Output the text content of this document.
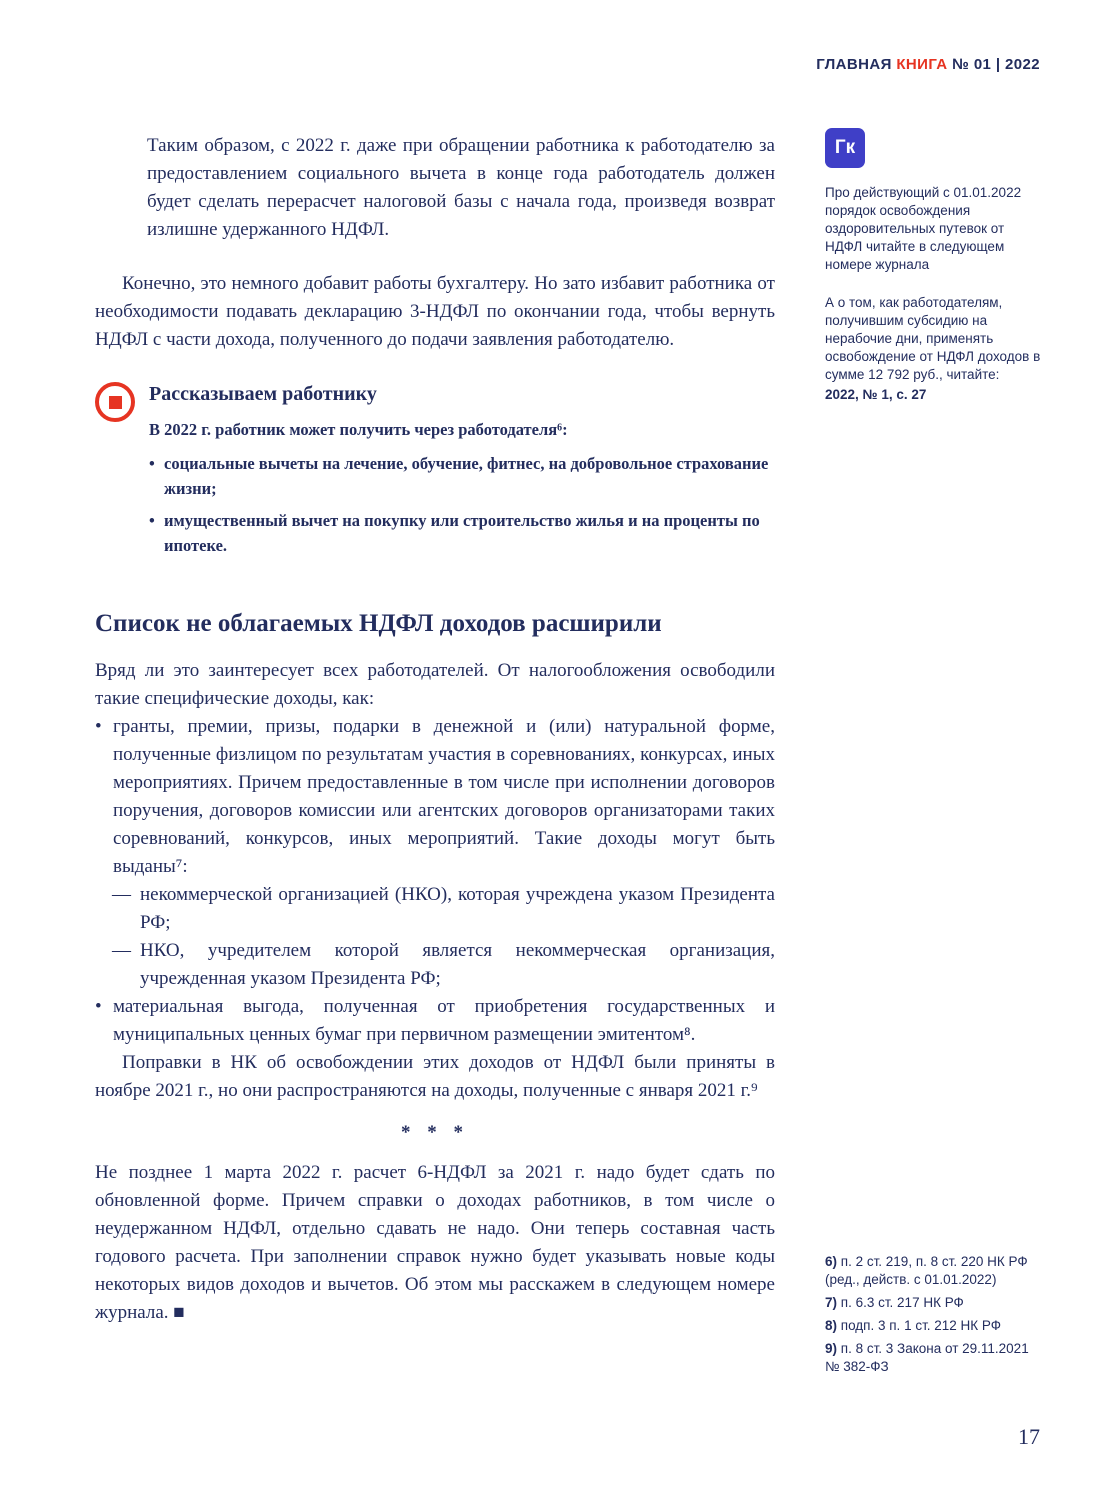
ГЛАВНАЯ КНИГА № 01 | 2022

Таким образом, с 2022 г. даже при обращении работника к работодателю за предоставлением социального вычета в конце года работодатель должен будет сделать перерасчет налоговой базы с начала года, произведя возврат излишне удержанного НДФЛ.

Конечно, это немного добавит работы бухгалтеру. Но зато избавит работника от необходимости подавать декларацию 3-НДФЛ по окончании года, чтобы вернуть НДФЛ с части дохода, полученного до подачи заявления работодателю.

Рассказываем работнику
В 2022 г. работник может получить через работодателя⁶:
• социальные вычеты на лечение, обучение, фитнес, на добровольное страхование жизни;
• имущественный вычет на покупку или строительство жилья и на проценты по ипотеке.
Список не облагаемых НДФЛ доходов расширили

Вряд ли это заинтересует всех работодателей. От налогообложения освободили такие специфические доходы, как:

• гранты, премии, призы, подарки в денежной и (или) натуральной форме, полученные физлицом по результатам участия в соревнованиях, конкурсах, иных мероприятиях. Причем предоставленные в том числе при исполнении договоров поручения, договоров комиссии или агентских договоров организаторами таких соревнований, конкурсов, иных мероприятий. Такие доходы могут быть выданы⁷:
— некоммерческой организацией (НКО), которая учреждена указом Президента РФ;
— НКО, учредителем которой является некоммерческая организация, учрежденная указом Президента РФ;
• материальная выгода, полученная от приобретения государственных и муниципальных ценных бумаг при первичном размещении эмитентом⁸.

Поправки в НК об освобождении этих доходов от НДФЛ были приняты в ноябре 2021 г., но они распространяются на доходы, полученные с января 2021 г.⁹

* * *

Не позднее 1 марта 2022 г. расчет 6-НДФЛ за 2021 г. надо будет сдать по обновленной форме. Причем справки о доходах работников, в том числе о неудержанном НДФЛ, отдельно сдавать не надо. Они теперь составная часть годового расчета. При заполнении справок нужно будет указывать новые коды некоторых видов доходов и вычетов. Об этом мы расскажем в следующем номере журнала. ■

Гк
Про действующий с 01.01.2022 порядок освобождения оздоровительных путевок от НДФЛ читайте в следующем номере журнала
А о том, как работодателям, получившим субсидию на нерабочие дни, применять освобождение от НДФЛ доходов в сумме 12 792 руб., читайте:
2022, № 1, с. 27
6) п. 2 ст. 219, п. 8 ст. 220 НК РФ (ред., действ. с 01.01.2022)
7) п. 6.3 ст. 217 НК РФ
8) подп. 3 п. 1 ст. 212 НК РФ
9) п. 8 ст. 3 Закона от 29.11.2021 № 382-ФЗ
17
